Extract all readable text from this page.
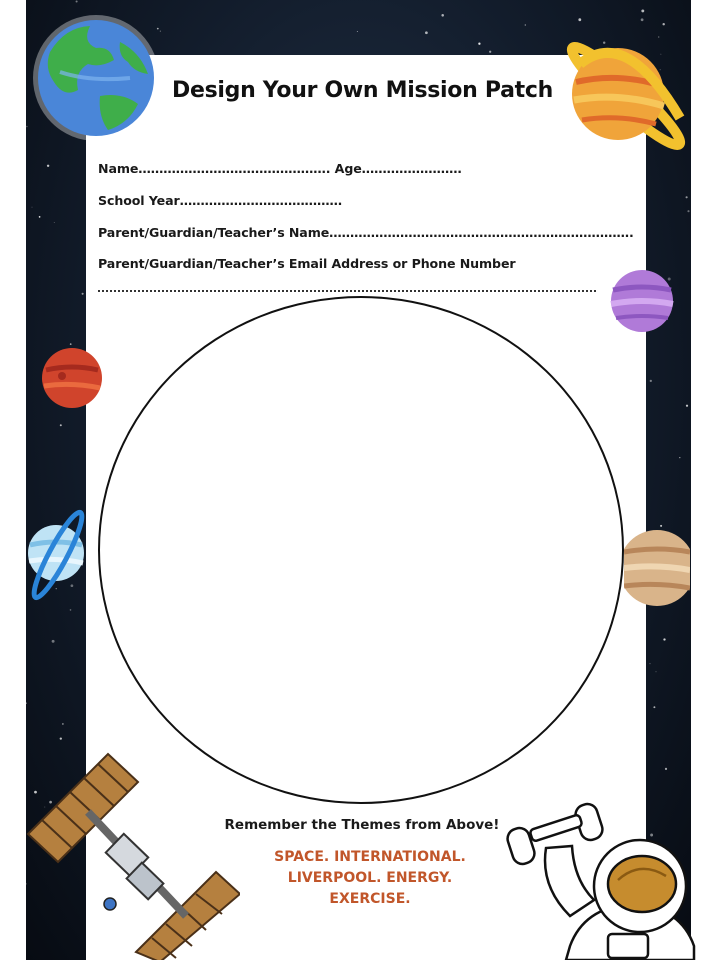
Design Your Own Mission Patch
Name………………………………………. Age……………………
School Year…………………………………
Parent/Guardian/Teacher’s Name……………………………………………………………….
Parent/Guardian/Teacher’s Email Address or Phone Number
Remember the Themes from Above!
SPACE. INTERNATIONAL.
LIVERPOOL. ENERGY.
EXERCISE.
